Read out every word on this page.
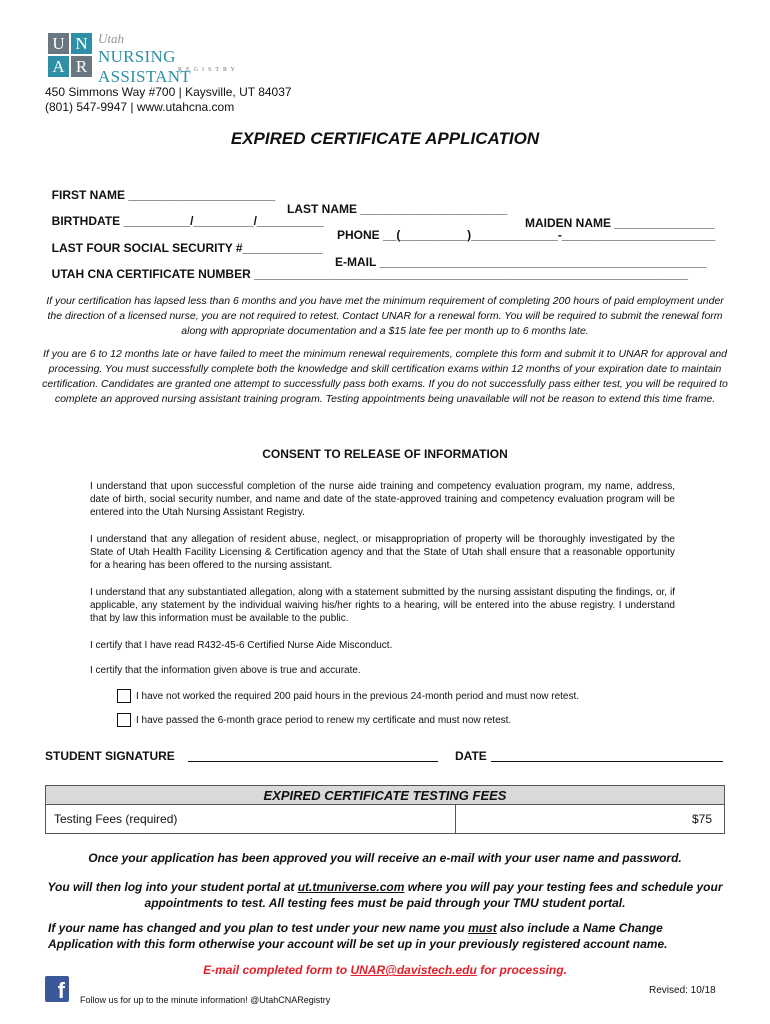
U N
A R
Utah
NURSING ASSISTANT
REGISTRY
450 Simmons Way #700 | Kaysville, UT 84037
(801) 547-9947 | www.utahcna.com
EXPIRED CERTIFICATE APPLICATION

FIRST NAME ______________________

LAST NAME ______________________

MAIDEN NAME _______________

BIRTHDATE __________/_________/__________

PHONE __(__________)_____________-_______________________

LAST FOUR SOCIAL SECURITY #____________

E-MAIL _________________________________________________

UTAH CNA CERTIFICATE NUMBER _________________________________________________________________

If your certification has lapsed less than 6 months and you have met the minimum requirement of completing 200 hours of paid employment under the direction of a licensed nurse, you are not required to retest. Contact UNAR for a renewal form. You will be required to submit the renewal form along with appropriate documentation and a $15 late fee per month up to 6 months late.
If you are 6 to 12 months late or have failed to meet the minimum renewal requirements, complete this form and submit it to UNAR for approval and processing. You must successfully complete both the knowledge and skill certification exams within 12 months of your expiration date to maintain certification. Candidates are granted one attempt to successfully pass both exams. If you do not successfully pass either test, you will be required to complete an approved nursing assistant training program. Testing appointments being unavailable will not be reason to extend this time frame.
CONSENT TO RELEASE OF INFORMATION
I understand that upon successful completion of the nurse aide training and competency evaluation program, my name, address, date of birth, social security number, and name and date of the state-approved training and competency evaluation program will be entered into the Utah Nursing Assistant Registry.
I understand that any allegation of resident abuse, neglect, or misappropriation of property will be thoroughly investigated by the State of Utah Health Facility Licensing & Certification agency and that the State of Utah shall ensure that a reasonable opportunity for a hearing has been offered to the nursing assistant.
I understand that any substantiated allegation, along with a statement submitted by the nursing assistant disputing the findings, or, if applicable, any statement by the individual waiving his/her rights to a hearing, will be entered into the abuse registry. I understand that by law this information must be available to the public.
I certify that I have read R432-45-6 Certified Nurse Aide Misconduct.
I certify that the information given above is true and accurate.
I have not worked the required 200 paid hours in the previous 24-month period and must now retest.
I have passed the 6-month grace period to renew my certificate and must now retest.
STUDENT SIGNATURE	DATE
EXPIRED CERTIFICATE TESTING FEES
Testing Fees (required)	$75
Once your application has been approved you will receive an e-mail with your user name and password.
You will then log into your student portal at ut.tmuniverse.com where you will pay your testing fees and schedule your appointments to test. All testing fees must be paid through your TMU student portal.
If your name has changed and you plan to test under your new name you must also include a Name Change Application with this form otherwise your account will be set up in your previously registered account name.
E-mail completed form to UNAR@davistech.edu for processing.
f	Follow us for up to the minute information! @UtahCNARegistry
Revised: 10/18
